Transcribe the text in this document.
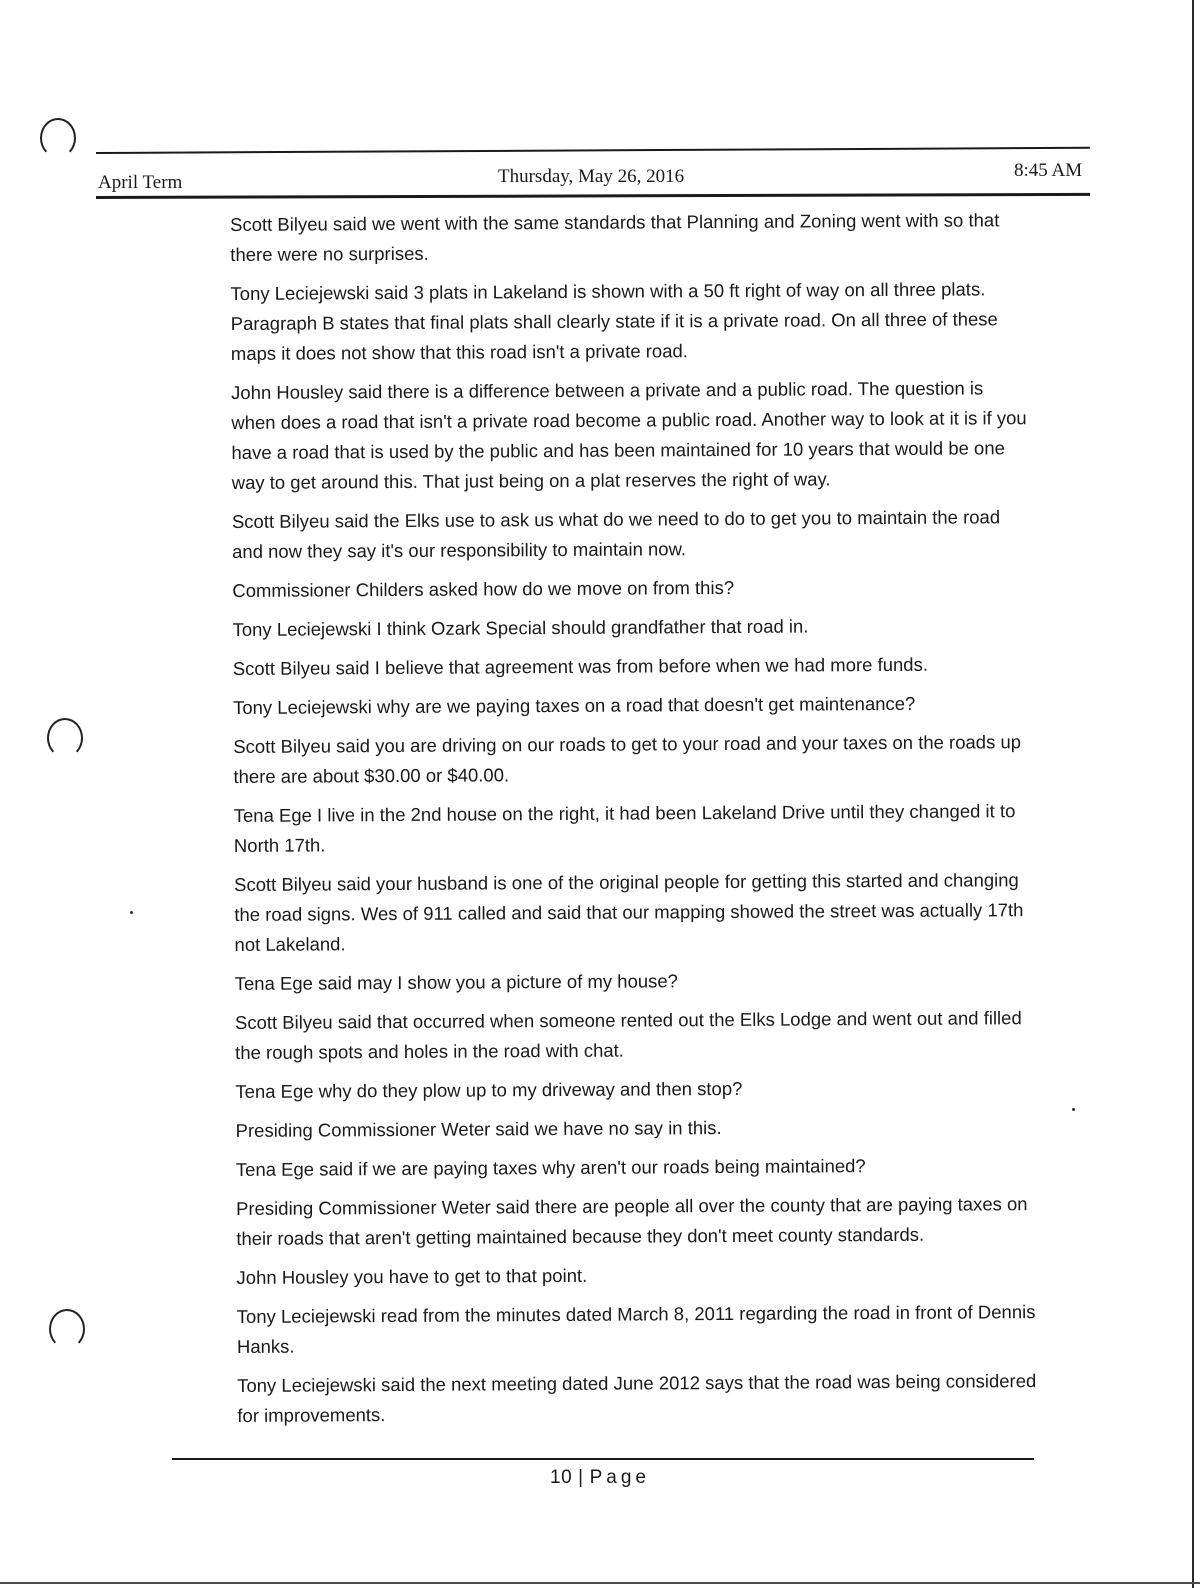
April Term	Thursday, May 26, 2016	8:45 AM

Scott Bilyeu said we went with the same standards that Planning and Zoning went with so that there were no surprises.

Tony Leciejewski said 3 plats in Lakeland is shown with a 50 ft right of way on all three plats. Paragraph B states that final plats shall clearly state if it is a private road. On all three of these maps it does not show that this road isn't a private road.

John Housley said there is a difference between a private and a public road. The question is when does a road that isn't a private road become a public road. Another way to look at it is if you have a road that is used by the public and has been maintained for 10 years that would be one way to get around this. That just being on a plat reserves the right of way.

Scott Bilyeu said the Elks use to ask us what do we need to do to get you to maintain the road and now they say it's our responsibility to maintain now.

Commissioner Childers asked how do we move on from this?

Tony Leciejewski I think Ozark Special should grandfather that road in.

Scott Bilyeu said I believe that agreement was from before when we had more funds.

Tony Leciejewski why are we paying taxes on a road that doesn't get maintenance?

Scott Bilyeu said you are driving on our roads to get to your road and your taxes on the roads up there are about $30.00 or $40.00.

Tena Ege I live in the 2nd house on the right, it had been Lakeland Drive until they changed it to North 17th.

Scott Bilyeu said your husband is one of the original people for getting this started and changing the road signs. Wes of 911 called and said that our mapping showed the street was actually 17th not Lakeland.

Tena Ege said may I show you a picture of my house?

Scott Bilyeu said that occurred when someone rented out the Elks Lodge and went out and filled the rough spots and holes in the road with chat.

Tena Ege why do they plow up to my driveway and then stop?

Presiding Commissioner Weter said we have no say in this.

Tena Ege said if we are paying taxes why aren't our roads being maintained?

Presiding Commissioner Weter said there are people all over the county that are paying taxes on their roads that aren't getting maintained because they don't meet county standards.

John Housley you have to get to that point.

Tony Leciejewski read from the minutes dated March 8, 2011 regarding the road in front of Dennis Hanks.

Tony Leciejewski said the next meeting dated June 2012 says that the road was being considered for improvements.

10 | Page
